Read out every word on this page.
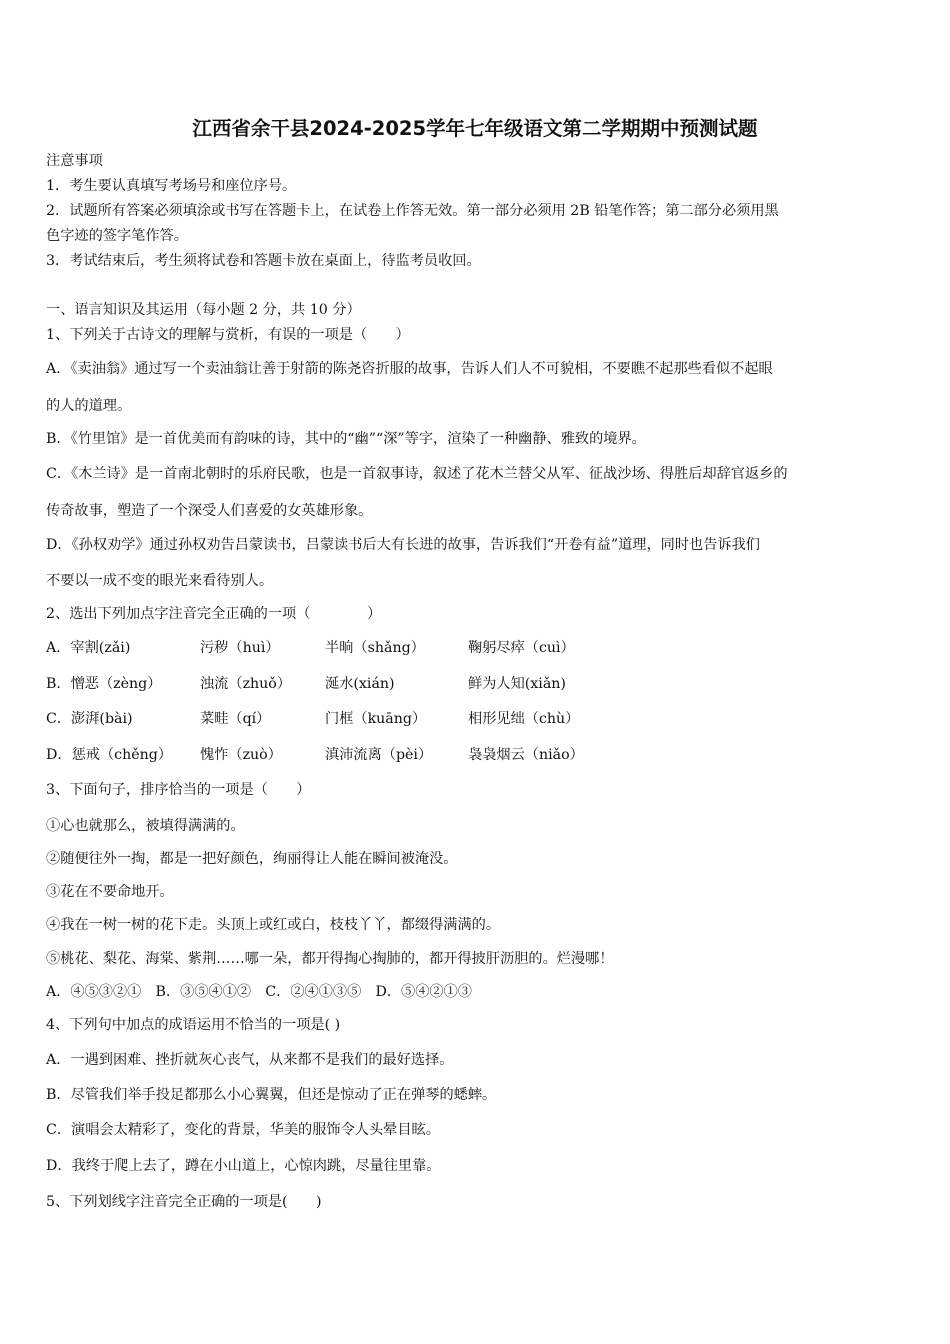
江西省余干县2024-2025学年七年级语文第二学期期中预测试题
注意事项
1．考生要认真填写考场号和座位序号。
2．试题所有答案必须填涂或书写在答题卡上，在试卷上作答无效。第一部分必须用 2B 铅笔作答；第二部分必须用黑
色字迹的签字笔作答。
3．考试结束后，考生须将试卷和答题卡放在桌面上，待监考员收回。
一、语言知识及其运用（每小题 2 分，共 10 分）
1、下列关于古诗文的理解与赏析，有误的一项是（　　）
A．《卖油翁》通过写一个卖油翁让善于射箭的陈尧咨折服的故事，告诉人们人不可貌相，不要瞧不起那些看似不起眼
的人的道理。
B．《竹里馆》是一首优美而有韵味的诗，其中的“幽”“深”等字，渲染了一种幽静、雅致的境界。
C．《木兰诗》是一首南北朝时的乐府民歌，也是一首叙事诗，叙述了花木兰替父从军、征战沙场、得胜后却辞官返乡的
传奇故事，塑造了一个深受人们喜爱的女英雄形象。
D．《孙权劝学》通过孙权劝告吕蒙读书，吕蒙读书后大有长进的故事，告诉我们“开卷有益”道理，同时也告诉我们
不要以一成不变的眼光来看待别人。
2、选出下列加点字注音完全正确的一项（　　　　）
A．宰割(zǎi)	污秽（huì）	半晌（shǎng）	鞠躬尽瘁（cuì）
B．憎恶（zèng）	浊流（zhuǒ） 涎水(xián)	鲜为人知(xiǎn)
C．澎湃(bài)	菜畦（qí）	门框（kuāng）	相形见绌（chù）
D．惩戒（chěng） 愧怍（zuò）	滇沛流离（pèi）	袅袅烟云（niǎo）
3、下面句子，排序恰当的一项是（　　）
①心也就那么，被填得满满的。
②随便往外一掏，都是一把好颜色，绚丽得让人能在瞬间被淹没。
③花在不要命地开。
④我在一树一树的花下走。头顶上或红或白，枝枝丫丫，都缀得满满的。
⑤桃花、梨花、海棠、紫荆……哪一朵，都开得掏心掏肺的，都开得披肝沥胆的。烂漫哪！
A．④⑤③②①　B．③⑤④①②　C．②④①③⑤　D．⑤④②①③
4、下列句中加点的成语运用不恰当的一项是( )
A．一遇到困难、挫折就灰心丧气，从来都不是我们的最好选择。
B．尽管我们举手投足都那么小心翼翼，但还是惊动了正在弹琴的蟋蟀。
C．演唱会太精彩了，变化的背景，华美的服饰令人头晕目眩。
D．我终于爬上去了，蹲在小山道上，心惊肉跳，尽量往里靠。
5、下列划线字注音完全正确的一项是(　　)
